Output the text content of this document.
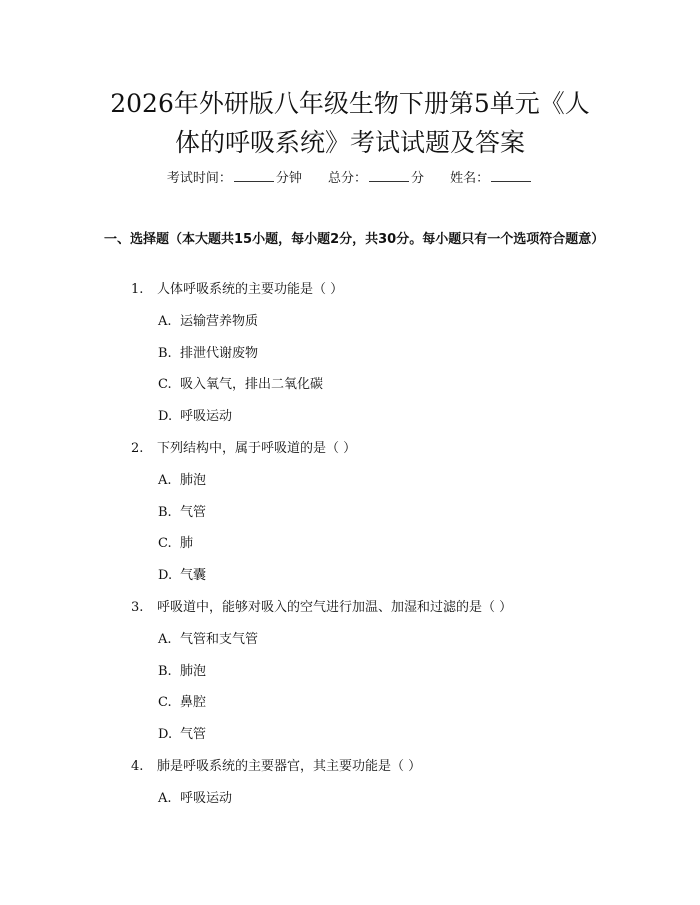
2026年外研版八年级生物下册第5单元《人
体的呼吸系统》考试试题及答案
考试时间：	分钟 总分：	分 姓名：
一、选择题（本大题共15小题，每小题2分，共30分。每小题只有一个选项符合题意）
1. 人体呼吸系统的主要功能是（ ）
A. 运输营养物质
B. 排泄代谢废物
C. 吸入氧气，排出二氧化碳
D. 呼吸运动
2. 下列结构中，属于呼吸道的是（ ）
A. 肺泡
B. 气管
C. 肺
D. 气囊
3. 呼吸道中，能够对吸入的空气进行加温、加湿和过滤的是（ ）
A. 气管和支气管
B. 肺泡
C. 鼻腔
D. 气管
4. 肺是呼吸系统的主要器官，其主要功能是（ ）
A. 呼吸运动
